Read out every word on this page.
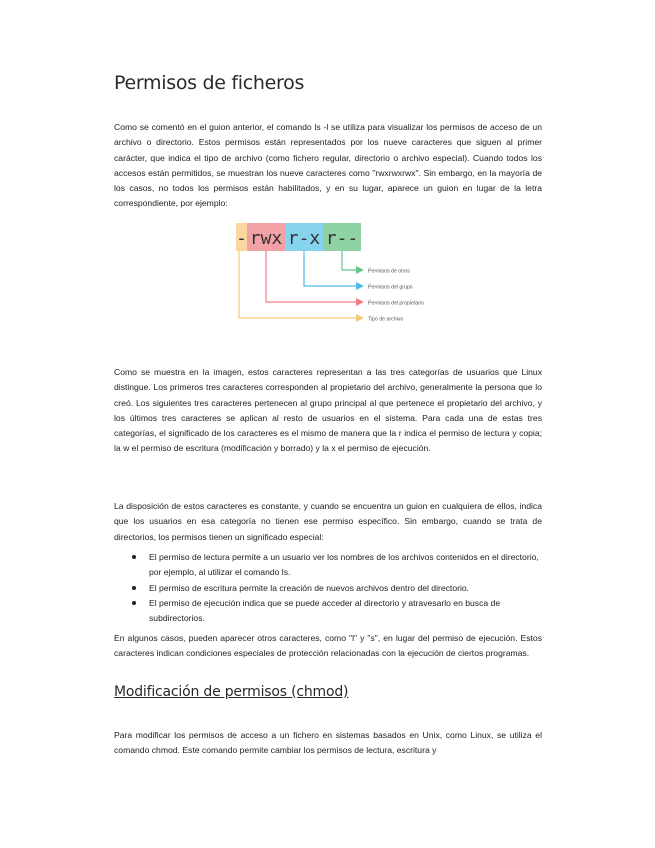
Permisos de ficheros

Como se comentó en el guion anterior, el comando ls -l se utiliza para visualizar los permisos de acceso de un archivo o directorio. Estos permisos están representados por los nueve caracteres que siguen al primer carácter, que indica el tipo de archivo (como fichero regular, directorio o archivo especial). Cuando todos los accesos están permitidos, se muestran los nueve caracteres como "rwxrwxrwx". Sin embargo, en la mayoría de los casos, no todos los permisos están habilitados, y en su lugar, aparece un guion en lugar de la letra correspondiente, por ejemplo:

- rwx r-x r--
Permisos de otros
Permisos del grupo
Permisos del propietario
Tipo de archivo

Como se muestra en la imagen, estos caracteres representan a las tres categorías de usuarios que Linux distingue. Los primeros tres caracteres corresponden al propietario del archivo, generalmente la persona que lo creó. Los siguientes tres caracteres pertenecen al grupo principal al que pertenece el propietario del archivo, y los últimos tres caracteres se aplican al resto de usuarios en el sistema. Para cada una de estas tres categorías, el significado de los caracteres es el mismo de manera que la r indica el permiso de lectura y copia; la w el permiso de escritura (modificación y borrado) y la x el permiso de ejecución.

La disposición de estos caracteres es constante, y cuando se encuentra un guion en cualquiera de ellos, indica que los usuarios en esa categoría no tienen ese permiso específico. Sin embargo, cuando se trata de directorios, los permisos tienen un significado especial:

El permiso de lectura permite a un usuario ver los nombres de los archivos contenidos en el directorio, por ejemplo, al utilizar el comando ls.
El permiso de escritura permite la creación de nuevos archivos dentro del directorio.
El permiso de ejecución indica que se puede acceder al directorio y atravesarlo en busca de subdirectorios.

En algunos casos, pueden aparecer otros caracteres, como "l" y "s", en lugar del permiso de ejecución. Estos caracteres indican condiciones especiales de protección relacionadas con la ejecución de ciertos programas.

Modificación de permisos (chmod)

Para modificar los permisos de acceso a un fichero en sistemas basados en Unix, como Linux, se utiliza el comando chmod. Este comando permite cambiar los permisos de lectura, escritura y
